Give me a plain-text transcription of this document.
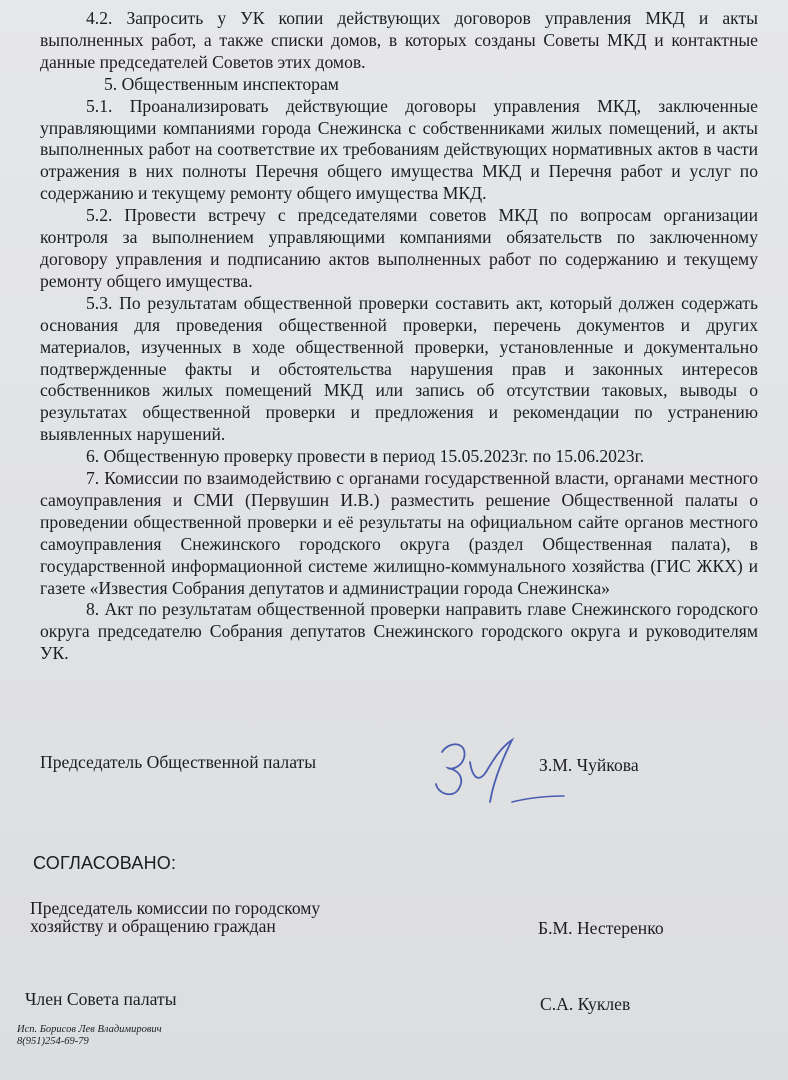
4.2. Запросить у УК копии действующих договоров управления МКД и акты выполненных работ, а также списки домов, в которых созданы Советы МКД и контактные данные председателей Советов этих домов.

5. Общественным инспекторам

5.1. Проанализировать действующие договоры управления МКД, заключенные управляющими компаниями города Снежинска с собственниками жилых помещений, и акты выполненных работ на соответствие их требованиям действующих нормативных актов в части отражения в них полноты Перечня общего имущества МКД и Перечня работ и услуг по содержанию и текущему ремонту общего имущества МКД.

5.2. Провести встречу с председателями советов МКД по вопросам организации контроля за выполнением управляющими компаниями обязательств по заключенному договору управления и подписанию актов выполненных работ по содержанию и текущему ремонту общего имущества.

5.3. По результатам общественной проверки составить акт, который должен содержать основания для проведения общественной проверки, перечень документов и других материалов, изученных в ходе общественной проверки, установленные и документально подтвержденные факты и обстоятельства нарушения прав и законных интересов собственников жилых помещений МКД или запись об отсутствии таковых, выводы о результатах общественной проверки и предложения и рекомендации по устранению выявленных нарушений.

6. Общественную проверку провести в период 15.05.2023г. по 15.06.2023г.

7. Комиссии по взаимодействию с органами государственной власти, органами местного самоуправления и СМИ (Первушин И.В.) разместить решение Общественной палаты о проведении общественной проверки и её результаты на официальном сайте органов местного самоуправления Снежинского городского округа (раздел Общественная палата), в государственной информационной системе жилищно-коммунального хозяйства (ГИС ЖКХ) и газете «Известия Собрания депутатов и администрации города Снежинска»

8. Акт по результатам общественной проверки направить главе Снежинского городского округа председателю Собрания депутатов Снежинского городского округа и руководителям УК.

Председатель Общественной палаты	З.М. Чуйкова
СОГЛАСОВАНО:
Председатель комиссии по городскому
хозяйству и обращению граждан	Б.М. Нестеренко
Член Совета палаты	С.А. Куклев
Исп. Борисов Лев Владимирович
8(951)254-69-79
